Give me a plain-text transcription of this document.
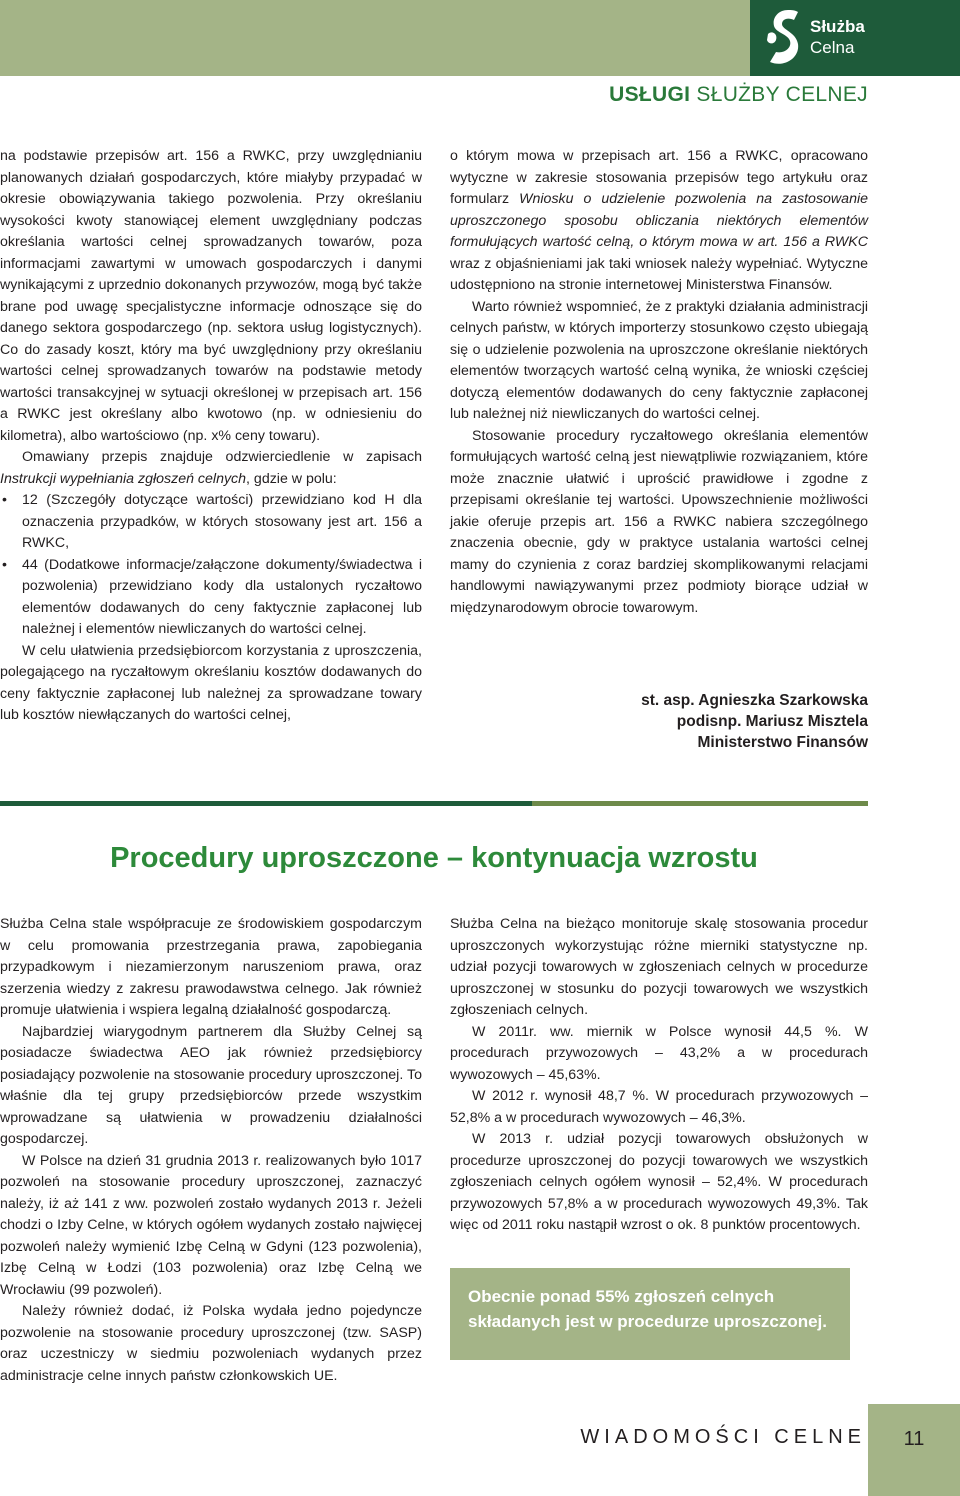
Służba
Celna
USŁUGI SŁUŻBY CELNEJ

na podstawie przepisów art. 156 a RWKC, przy uwzględnianiu planowanych działań gospodarczych, które miałyby przypadać w okresie obowiązywania takiego pozwolenia. Przy określaniu wysokości kwoty stanowiącej element uwzględniany podczas określania wartości celnej sprowadzanych towarów, poza informacjami zawartymi w umowach gospodarczych i danymi wynikającymi z uprzednio dokonanych przywozów, mogą być także brane pod uwagę specjalistyczne informacje odnoszące się do danego sektora gospodarczego (np. sektora usług logistycznych). Co do zasady koszt, który ma być uwzględniony przy określaniu wartości celnej sprowadzanych towarów na podstawie metody wartości transakcyjnej w sytuacji określonej w przepisach art. 156 a RWKC jest określany albo kwotowo (np. w odniesieniu do kilometra), albo wartościowo (np. x% ceny towaru).

Omawiany przepis znajduje odzwierciedlenie w zapisach Instrukcji wypełniania zgłoszeń celnych, gdzie w polu:

• 12 (Szczegóły dotyczące wartości) przewidziano kod H dla oznaczenia przypadków, w których stosowany jest art. 156 a RWKC,
• 44 (Dodatkowe informacje/załączone dokumenty/świadectwa i pozwolenia) przewidziano kody dla ustalonych ryczałtowo elementów dodawanych do ceny faktycznie zapłaconej lub należnej i elementów niewliczanych do wartości celnej.

W celu ułatwienia przedsiębiorcom korzystania z uproszczenia, polegającego na ryczałtowym określaniu kosztów dodawanych do ceny faktycznie zapłaconej lub należnej za sprowadzane towary lub kosztów niewłączanych do wartości celnej,

o którym mowa w przepisach art. 156 a RWKC, opracowano wytyczne w zakresie stosowania przepisów tego artykułu oraz formularz Wniosku o udzielenie pozwolenia na zastosowanie uproszczonego sposobu obliczania niektórych elementów formułujących wartość celną, o którym mowa w art. 156 a RWKC wraz z objaśnieniami jak taki wniosek należy wypełniać. Wytyczne udostępniono na stronie internetowej Ministerstwa Finansów.

Warto również wspomnieć, że z praktyki działania administracji celnych państw, w których importerzy stosunkowo często ubiegają się o udzielenie pozwolenia na uproszczone określanie niektórych elementów tworzących wartość celną wynika, że wnioski częściej dotyczą elementów dodawanych do ceny faktycznie zapłaconej lub należnej niż niewliczanych do wartości celnej.

Stosowanie procedury ryczałtowego określania elementów formułujących wartość celną jest niewątpliwie rozwiązaniem, które może znacznie ułatwić i uprościć prawidłowe i zgodne z przepisami określanie tej wartości. Upowszechnienie możliwości jakie oferuje przepis art. 156 a RWKC nabiera szczególnego znaczenia obecnie, gdy w praktyce ustalania wartości celnej mamy do czynienia z coraz bardziej skomplikowanymi relacjami handlowymi nawiązywanymi przez podmioty biorące udział w międzynarodowym obrocie towarowym.

st. asp. Agnieszka Szarkowska
podisnp. Mariusz Misztela
Ministerstwo Finansów
Procedury uproszczone – kontynuacja wzrostu

Służba Celna stale współpracuje ze środowiskiem gospodarczym w celu promowania przestrzegania prawa, zapobiegania przypadkowym i niezamierzonym naruszeniom prawa, oraz szerzenia wiedzy z zakresu prawodawstwa celnego. Jak również promuje ułatwienia i wspiera legalną działalność gospodarczą.

Najbardziej wiarygodnym partnerem dla Służby Celnej są posiadacze świadectwa AEO jak również przedsiębiorcy posiadający pozwolenie na stosowanie procedury uproszczonej. To właśnie dla tej grupy przedsiębiorców przede wszystkim wprowadzane są ułatwienia w prowadzeniu działalności gospodarczej.

W Polsce na dzień 31 grudnia 2013 r. realizowanych było 1017 pozwoleń na stosowanie procedury uproszczonej, zaznaczyć należy, iż aż 141 z ww. pozwoleń zostało wydanych 2013 r. Jeżeli chodzi o Izby Celne, w których ogółem wydanych zostało najwięcej pozwoleń należy wymienić Izbę Celną w Gdyni (123 pozwolenia), Izbę Celną w Łodzi (103 pozwolenia) oraz Izbę Celną we Wrocławiu (99 pozwoleń).

Należy również dodać, iż Polska wydała jedno pojedyncze pozwolenie na stosowanie procedury uproszczonej (tzw. SASP) oraz uczestniczy w siedmiu pozwoleniach wydanych przez administracje celne innych państw członkowskich UE.

Służba Celna na bieżąco monitoruje skalę stosowania procedur uproszczonych wykorzystując różne mierniki statystyczne np. udział pozycji towarowych w zgłoszeniach celnych w procedurze uproszczonej w stosunku do pozycji towarowych we wszystkich zgłoszeniach celnych.

W 2011r. ww. miernik w Polsce wynosił 44,5 %. W procedurach przywozowych – 43,2% a w procedurach wywozowych – 45,63%.

W 2012 r. wynosił 48,7 %. W procedurach przywozowych – 52,8% a w procedurach wywozowych – 46,3%.

W 2013 r. udział pozycji towarowych obsłużonych w procedurze uproszczonej do pozycji towarowych we wszystkich zgłoszeniach celnych ogółem wynosił – 52,4%. W procedurach przywozowych 57,8% a w procedurach wywozowych 49,3%. Tak więc od 2011 roku nastąpił wzrost o ok. 8 punktów procentowych.

Obecnie ponad 55% zgłoszeń celnych
składanych jest w procedurze uproszczonej.
WIADOMOŚCI CELNE	11
